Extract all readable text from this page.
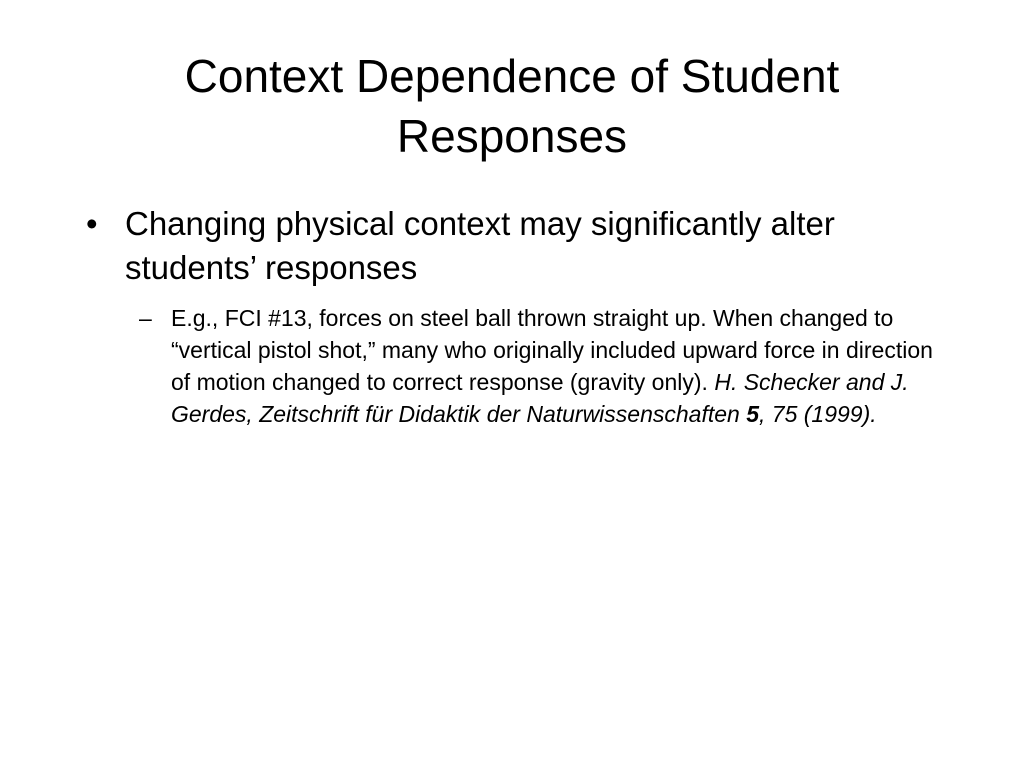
Context Dependence of Student Responses
• Changing physical context may significantly alter students’ responses
– E.g., FCI #13, forces on steel ball thrown straight up. When changed to “vertical pistol shot,” many who originally included upward force in direction of motion changed to correct response (gravity only). H. Schecker and J. Gerdes, Zeitschrift für Didaktik der Naturwissenschaften 5, 75 (1999).
